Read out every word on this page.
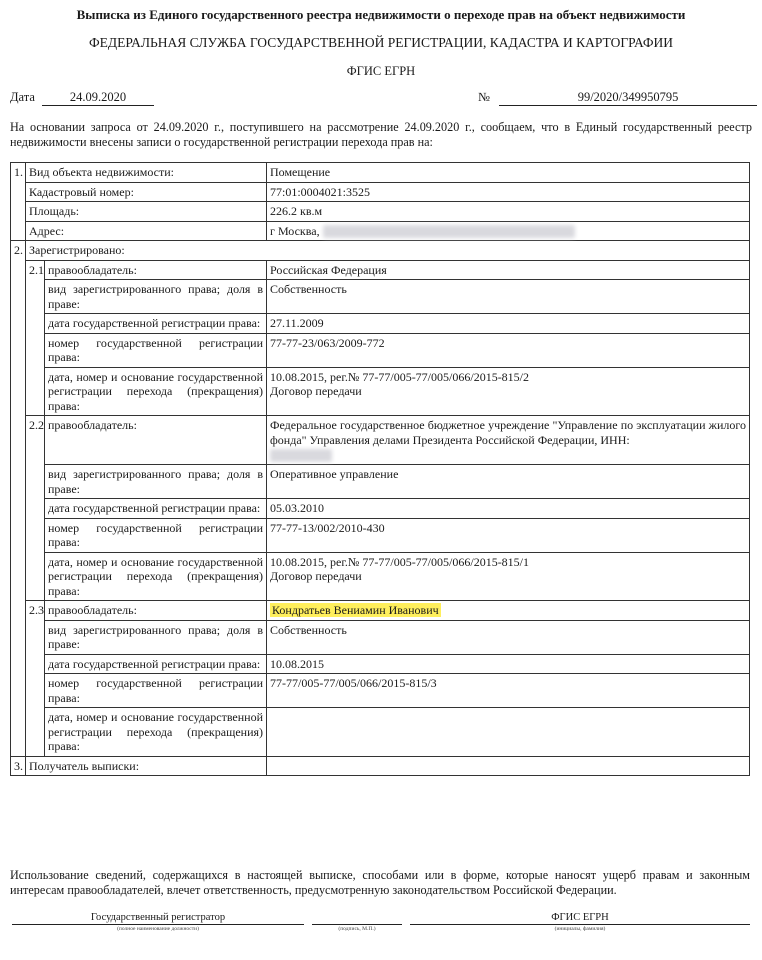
Выписка из Единого государственного реестра недвижимости о переходе прав на объект недвижимости
ФЕДЕРАЛЬНАЯ СЛУЖБА ГОСУДАРСТВЕННОЙ РЕГИСТРАЦИИ, КАДАСТРА И КАРТОГРАФИИ
ФГИС ЕГРН
Дата	24.09.2020	№	99/2020/349950795
На основании запроса от 24.09.2020 г., поступившего на рассмотрение 24.09.2020 г., сообщаем, что в Единый государственный реестр недвижимости внесены записи о государственной регистрации перехода прав на:
1.	Вид объекта недвижимости:		Помещение
	Кадастровый номер:		77:01:0004021:3525
	Площадь:		226.2 кв.м
	Адрес:		г Москва,
2.	Зарегистрировано:		
	2.1	правообладатель:	Российская Федерация
		вид зарегистрированного права; доля в праве:	Собственность
		дата государственной регистрации права:	27.11.2009
		номер государственной регистрации права:	77-77-23/063/2009-772
		дата, номер и основание государственной регистрации перехода (прекращения) права:	10.08.2015, рег.№ 77-77/005-77/005/066/2015-815/2
Договор передачи

	2.2	правообладатель:	Федеральное государственное бюджетное учреждение "Управление по эксплуатации жилого фонда" Управления делами Президента Российской Федерации, ИНН:

		вид зарегистрированного права; доля в праве:	Оперативное управление
		дата государственной регистрации права:	05.03.2010
		номер государственной регистрации права:	77-77-13/002/2010-430
		дата, номер и основание государственной регистрации перехода (прекращения) права:	10.08.2015, рег.№ 77-77/005-77/005/066/2015-815/1
Договор передачи

	2.3	правообладатель:	Кондратьев Вениамин Иванович
		вид зарегистрированного права; доля в праве:	Собственность
		дата государственной регистрации права:	10.08.2015
		номер государственной регистрации права:	77-77/005-77/005/066/2015-815/3
		дата, номер и основание государственной регистрации перехода (прекращения) права:	

3.	Получатель выписки:		
Использование сведений, содержащихся в настоящей выписке, способами или в форме, которые наносят ущерб правам и законным интересам правообладателей, влечет ответственность, предусмотренную законодательством Российской Федерации.
Государственный регистратор
(полное наименование должности)	(подпись, М.П.)
ФГИС ЕГРН
(инициалы, фамилия)
